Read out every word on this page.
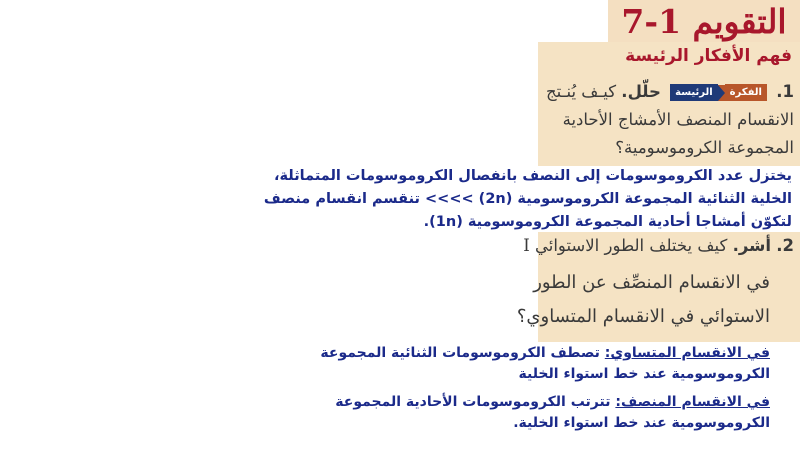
التقويم 1-7
فهم الأفكار الرئيسة
1.
الفكرة
الرئيسة
حلّل. كيـف يُنـتج
الانقسام المنصف الأمشاج الأحادية
المجموعة الكروموسومية؟
يختزل عدد الكروموسومات إلى النصف بانفصال الكروموسومات المتماثلة،
الخلية الثنائية المجموعة الكروموسومية (2n) >>>> تنقسم انقسام منصف
لتكوّن أمشاجا أحادية المجموعة الكروموسومية (1n).
2. أشر. كيف يختلف الطور الاستوائي I
في الانقسام المنصِّف عن الطور
الاستوائي في الانقسام المتساوي؟
في الانقسام المتساوي: تصطف الكروموسومات الثنائية المجموعة
الكروموسومية عند خط استواء الخلية
في الانقسام المنصف: تترتب الكروموسومات الأحادية المجموعة
الكروموسومية عند خط استواء الخلية.
